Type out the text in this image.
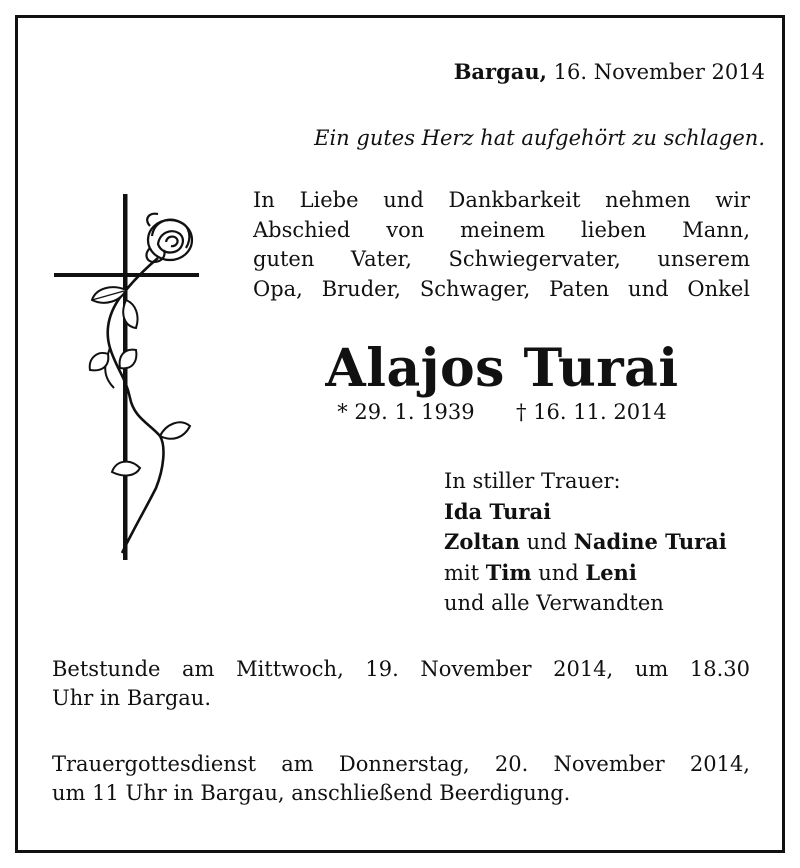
Bargau, 16. November 2014

Ein gutes Herz hat aufgehört zu schlagen.

In Liebe und Dankbarkeit nehmen wir
Abschied von meinem lieben Mann,
guten Vater, Schwiegervater, unserem
Opa, Bruder, Schwager, Paten und Onkel
Alajos Turai

* 29. 1. 1939 † 16. 11. 2014

In stiller Trauer:
Ida Turai
Zoltan und Nadine Turai
mit Tim und Leni
und alle Verwandten
Betstunde am Mittwoch, 19. November 2014, um 18.30
Uhr in Bargau.
Trauergottesdienst am Donnerstag, 20. November 2014,
um 11 Uhr in Bargau, anschließend Beerdigung.
